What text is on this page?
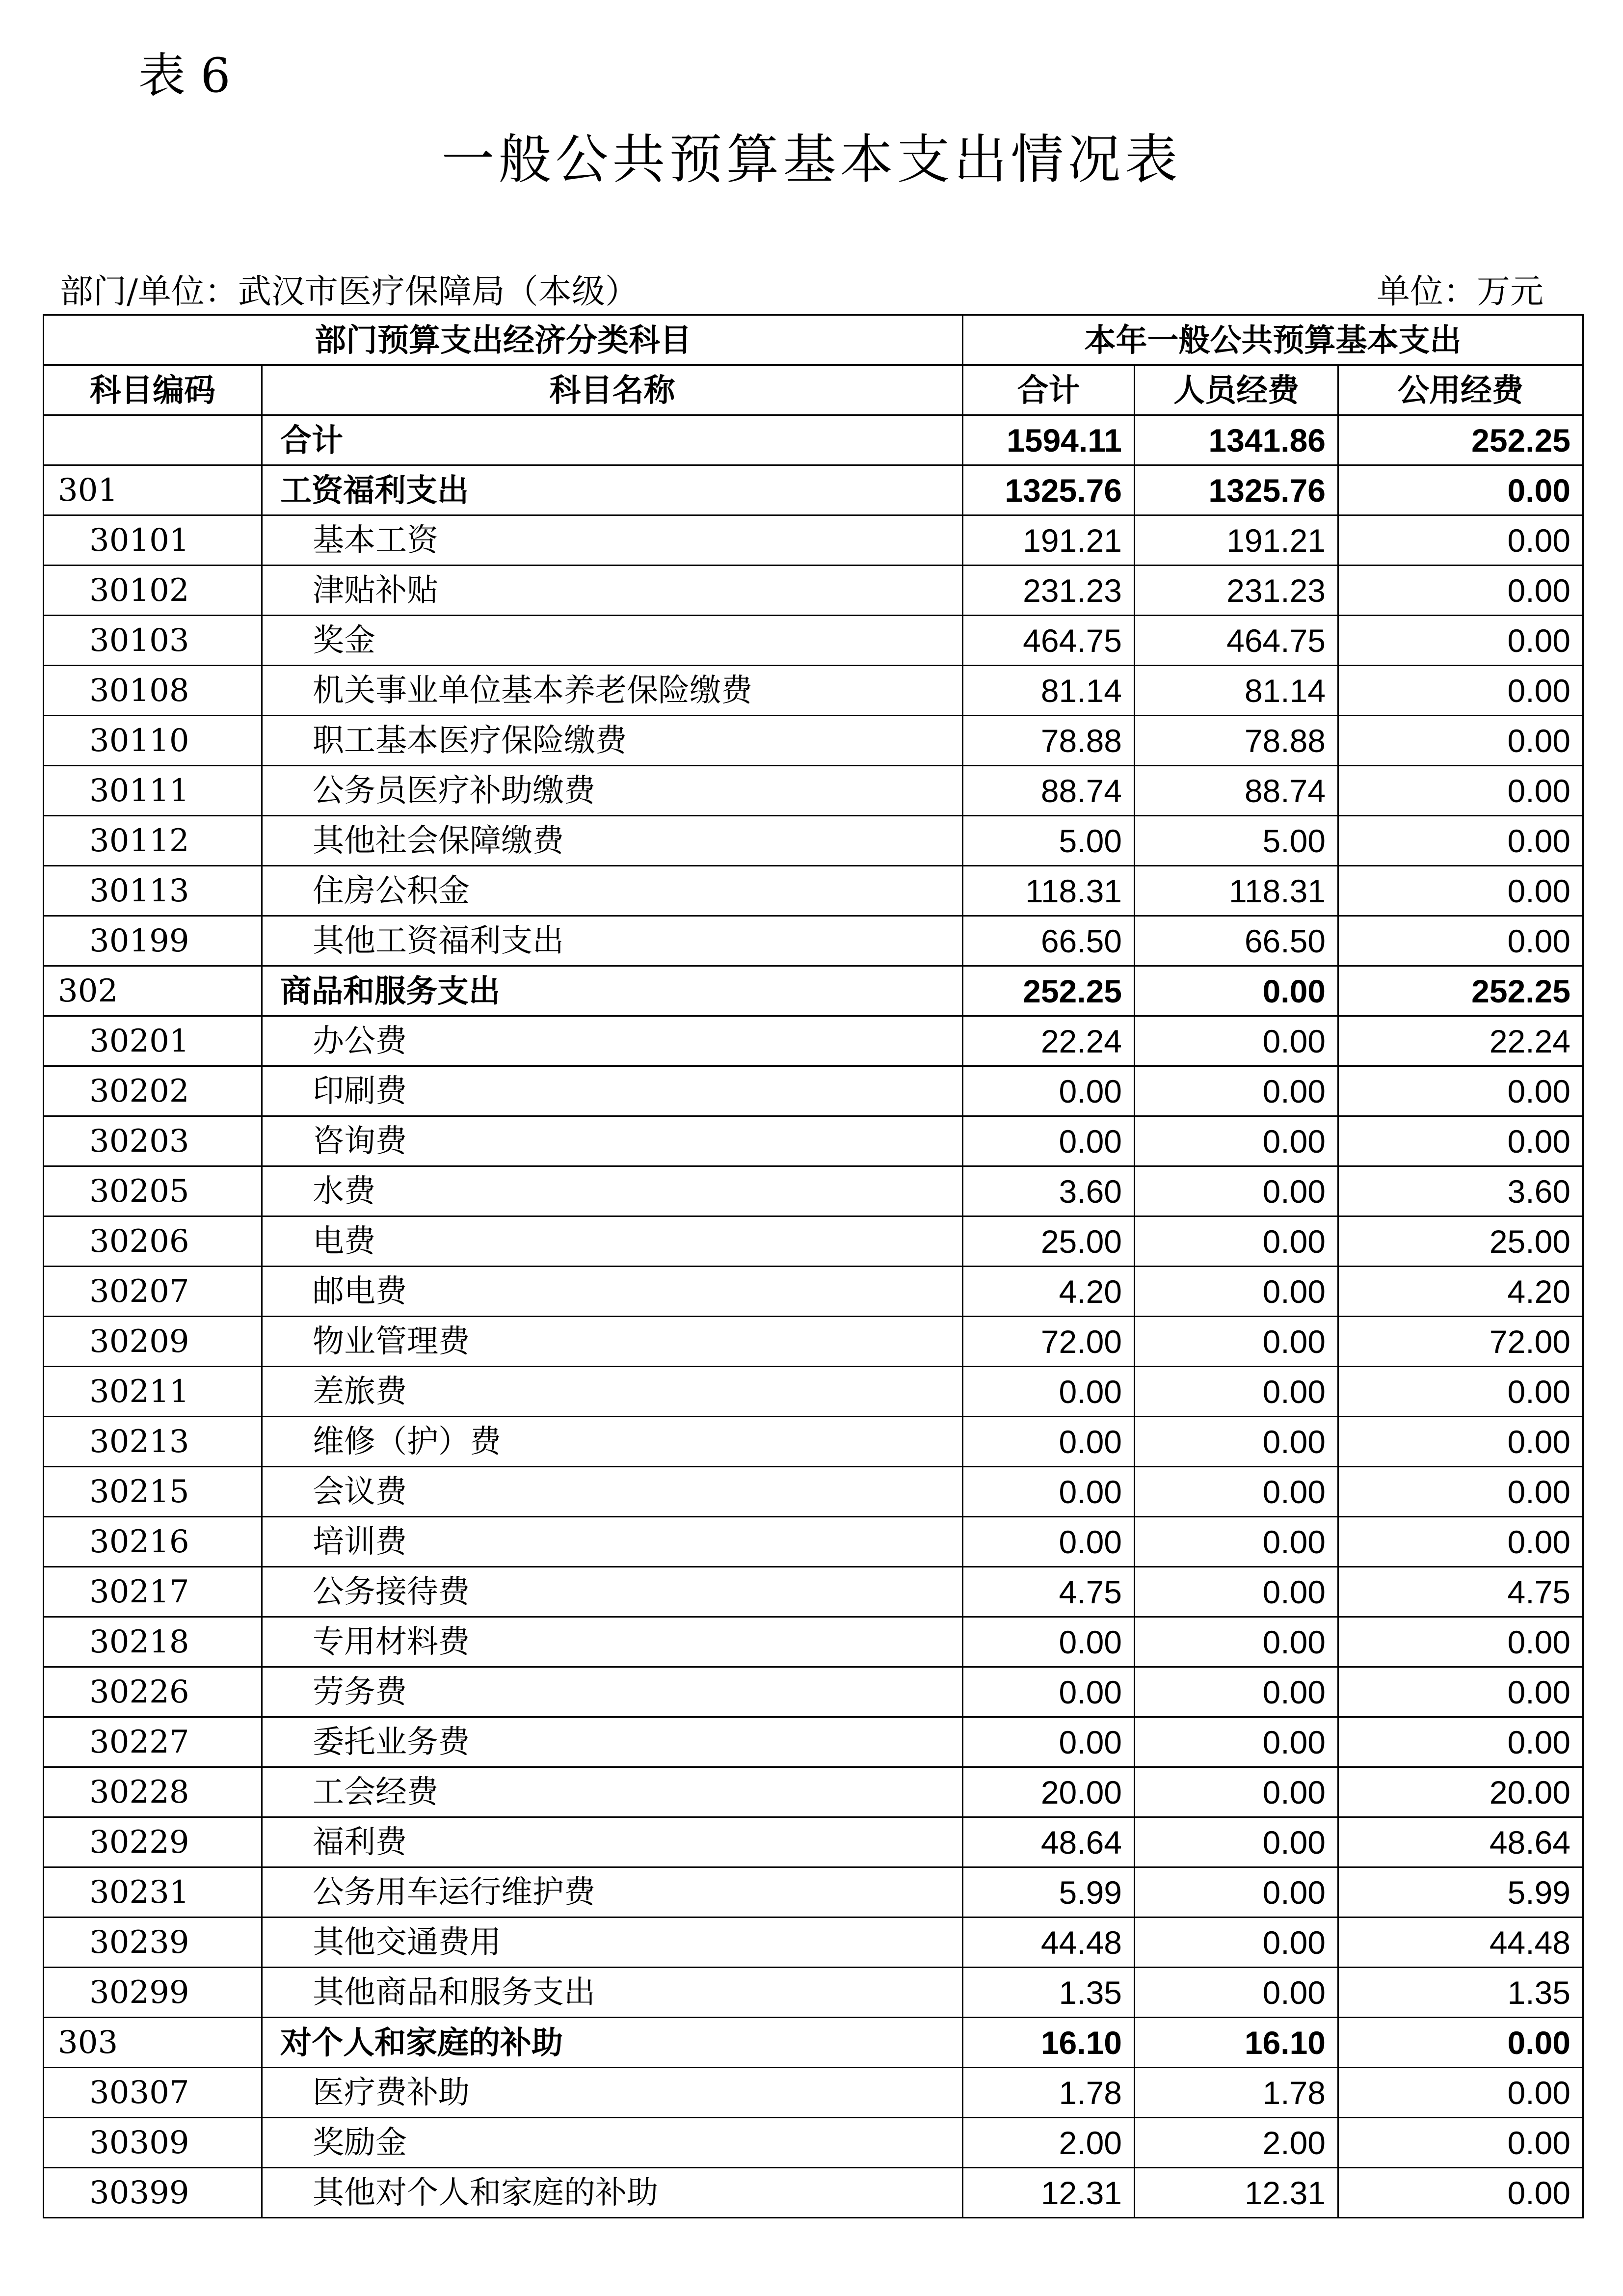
表 6
一般公共预算基本支出情况表
部门/单位：武汉市医疗保障局（本级）	单位：万元
部门预算支出经济分类科目		本年一般公共预算基本支出		
科目编码	科目名称	合计	人员经费	公用经费
	合计	1594.11	1341.86	252.25
301	工资福利支出	1325.76	1325.76	0.00
30101	基本工资	191.21	191.21	0.00
30102	津贴补贴	231.23	231.23	0.00
30103	奖金	464.75	464.75	0.00
30108	机关事业单位基本养老保险缴费	81.14	81.14	0.00
30110	职工基本医疗保险缴费	78.88	78.88	0.00
30111	公务员医疗补助缴费	88.74	88.74	0.00
30112	其他社会保障缴费	5.00	5.00	0.00
30113	住房公积金	118.31	118.31	0.00
30199	其他工资福利支出	66.50	66.50	0.00
302	商品和服务支出	252.25	0.00	252.25
30201	办公费	22.24	0.00	22.24
30202	印刷费	0.00	0.00	0.00
30203	咨询费	0.00	0.00	0.00
30205	水费	3.60	0.00	3.60
30206	电费	25.00	0.00	25.00
30207	邮电费	4.20	0.00	4.20
30209	物业管理费	72.00	0.00	72.00
30211	差旅费	0.00	0.00	0.00
30213	维修（护）费	0.00	0.00	0.00
30215	会议费	0.00	0.00	0.00
30216	培训费	0.00	0.00	0.00
30217	公务接待费	4.75	0.00	4.75
30218	专用材料费	0.00	0.00	0.00
30226	劳务费	0.00	0.00	0.00
30227	委托业务费	0.00	0.00	0.00
30228	工会经费	20.00	0.00	20.00
30229	福利费	48.64	0.00	48.64
30231	公务用车运行维护费	5.99	0.00	5.99
30239	其他交通费用	44.48	0.00	44.48
30299	其他商品和服务支出	1.35	0.00	1.35
303	对个人和家庭的补助	16.10	16.10	0.00
30307	医疗费补助	1.78	1.78	0.00
30309	奖励金	2.00	2.00	0.00
30399	其他对个人和家庭的补助	12.31	12.31	0.00
